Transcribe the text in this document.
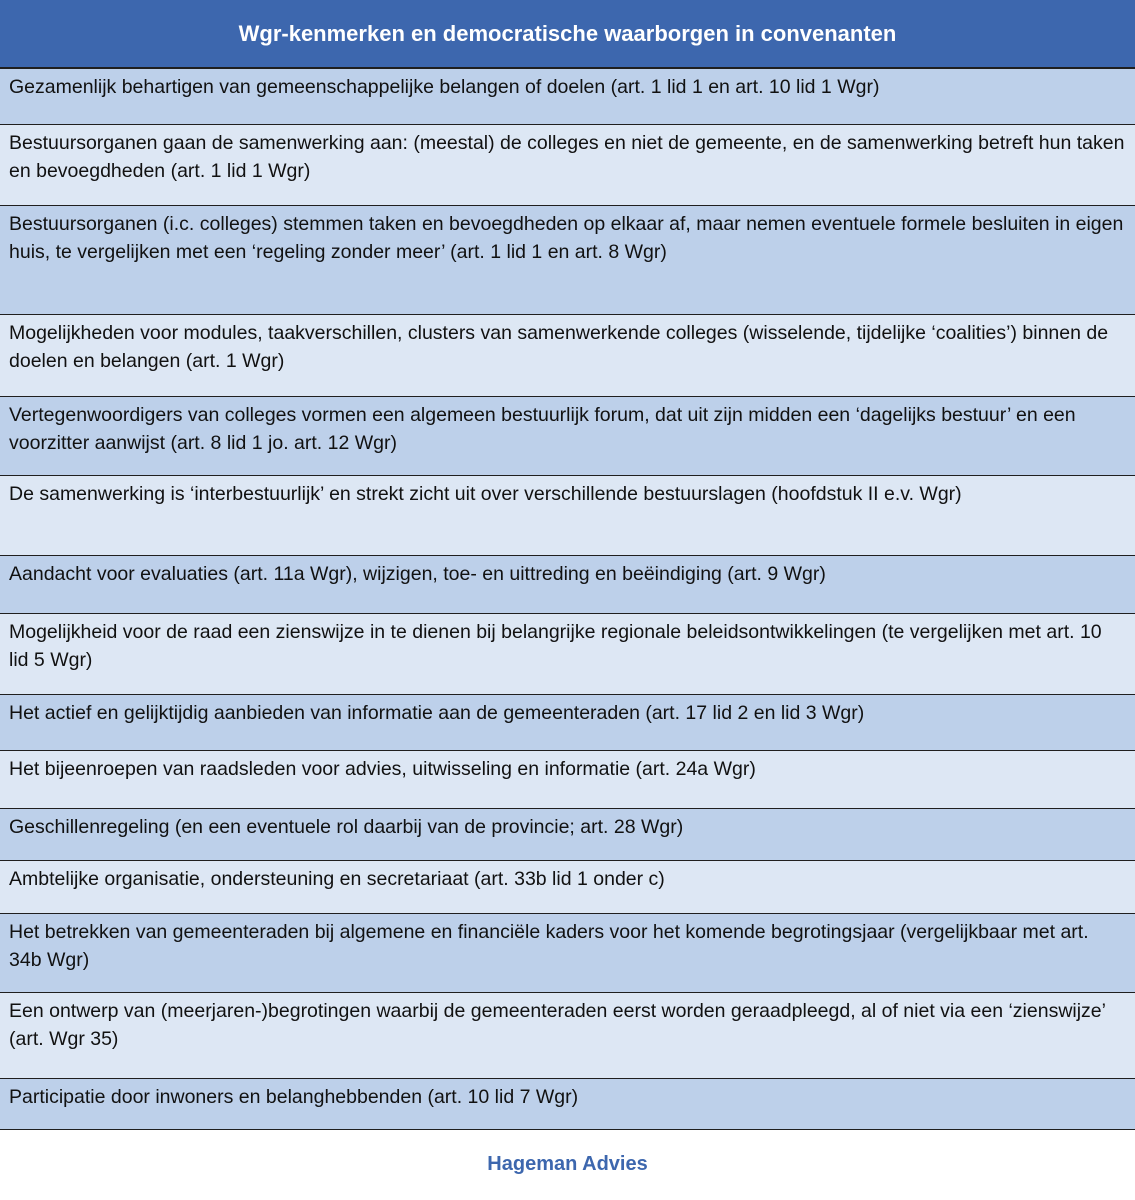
Wgr-kenmerken en democratische waarborgen in convenanten
Gezamenlijk behartigen van gemeenschappelijke belangen of doelen (art. 1 lid 1 en art. 10 lid 1 Wgr)
Bestuursorganen gaan de samenwerking aan: (meestal) de colleges en niet de gemeente, en de samenwerking betreft hun taken en bevoegdheden (art. 1 lid 1 Wgr)
Bestuursorganen (i.c. colleges) stemmen taken en bevoegdheden op elkaar af, maar nemen eventuele formele besluiten in eigen huis, te vergelijken met een ‘regeling zonder meer’ (art. 1 lid 1 en art. 8 Wgr)
Mogelijkheden voor modules, taakverschillen, clusters van samenwerkende colleges (wisselende, tijdelijke ‘coalities’) binnen de doelen en belangen (art. 1 Wgr)
Vertegenwoordigers van colleges vormen een algemeen bestuurlijk forum, dat uit zijn midden een ‘dagelijks bestuur’ en een voorzitter aanwijst (art. 8 lid 1 jo. art. 12 Wgr)
De samenwerking is ‘interbestuurlijk’ en strekt zicht uit over verschillende bestuurslagen (hoofdstuk II e.v. Wgr)
Aandacht voor evaluaties (art. 11a Wgr), wijzigen, toe- en uittreding en beëindiging (art. 9 Wgr)
Mogelijkheid voor de raad een zienswijze in te dienen bij belangrijke regionale beleidsontwikkelingen (te vergelijken met art. 10 lid 5 Wgr)
Het actief en gelijktijdig aanbieden van informatie aan de gemeenteraden (art. 17 lid 2 en lid 3 Wgr)
Het bijeenroepen van raadsleden voor advies, uitwisseling en informatie (art. 24a Wgr)
Geschillenregeling (en een eventuele rol daarbij van de provincie; art. 28 Wgr)
Ambtelijke organisatie, ondersteuning en secretariaat (art. 33b lid 1 onder c)
Het betrekken van gemeenteraden bij algemene en financiële kaders voor het komende begrotingsjaar (vergelijkbaar met art. 34b Wgr)
Een ontwerp van (meerjaren-)begrotingen waarbij de gemeenteraden eerst worden geraadpleegd, al of niet via een ‘zienswijze’ (art. Wgr 35)
Participatie door inwoners en belanghebbenden (art. 10 lid 7 Wgr)
Hageman Advies
